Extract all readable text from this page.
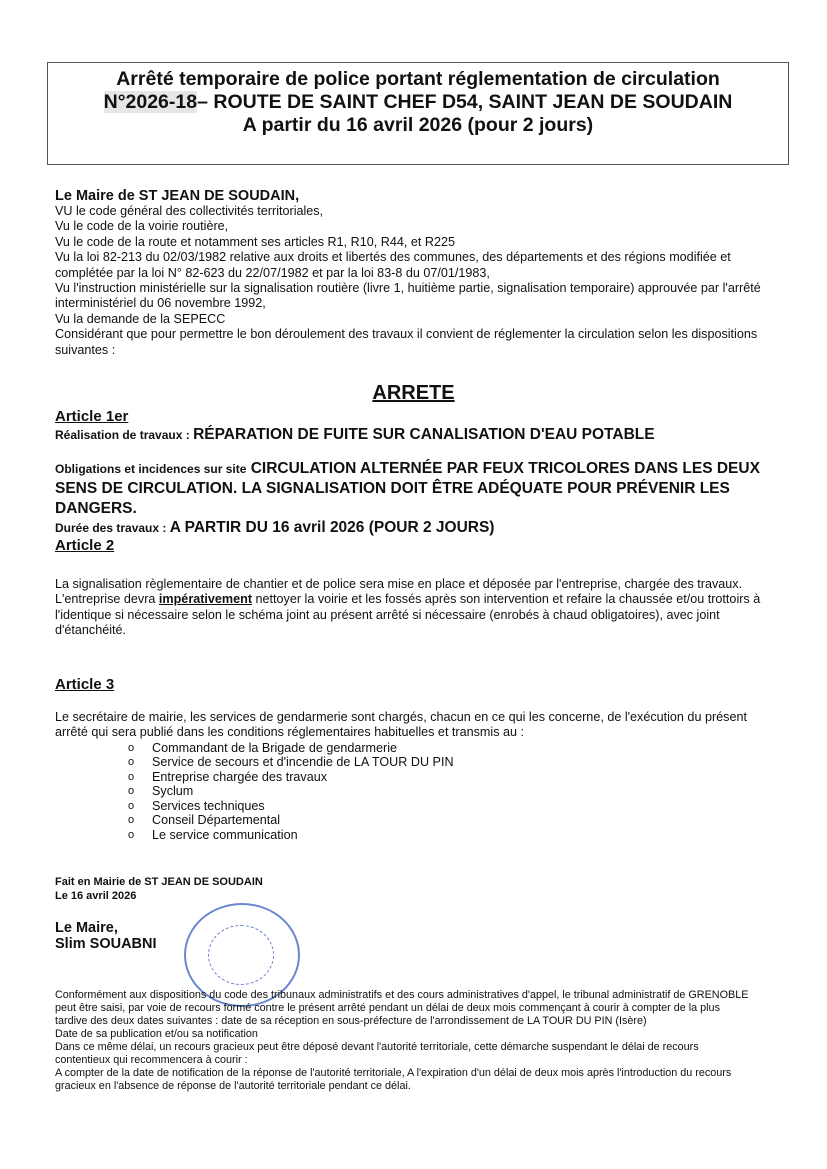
Arrêté temporaire de police portant réglementation de circulation
N°2026-18– ROUTE DE SAINT CHEF D54, SAINT JEAN DE SOUDAIN
A partir du 16 avril 2026 (pour 2 jours)
Le Maire de ST JEAN DE SOUDAIN,
VU le code général des collectivités territoriales,
Vu le code de la voirie routière,
Vu le code de la route et notamment ses articles R1, R10, R44, et R225
Vu la loi 82-213 du 02/03/1982 relative aux droits et libertés des communes, des départements et des régions modifiée et complétée par la loi N° 82-623 du 22/07/1982 et par la loi 83-8 du 07/01/1983,
Vu l'instruction ministérielle sur la signalisation routière (livre 1, huitième partie, signalisation temporaire) approuvée par l'arrêté interministériel du 06 novembre 1992,
Vu la demande de la SEPECC
Considérant que pour permettre le bon déroulement des travaux il convient de réglementer la circulation selon les dispositions suivantes :
ARRETE
Article 1er
Réalisation de travaux : RÉPARATION DE FUITE SUR CANALISATION D'EAU POTABLE
Obligations et incidences sur site CIRCULATION ALTERNÉE PAR FEUX TRICOLORES DANS LES DEUX SENS DE CIRCULATION. LA SIGNALISATION DOIT ÊTRE ADÉQUATE POUR PRÉVENIR LES DANGERS.
Durée des travaux : A PARTIR DU 16 avril 2026 (POUR 2 JOURS)
Article 2
La signalisation règlementaire de chantier et de police sera mise en place et déposée par l'entreprise, chargée des travaux.
L'entreprise devra impérativement nettoyer la voirie et les fossés après son intervention et refaire la chaussée et/ou trottoirs à l'identique si nécessaire selon le schéma joint au présent arrêté si nécessaire (enrobés à chaud obligatoires), avec joint d'étanchéité.
Article 3
Le secrétaire de mairie, les services de gendarmerie sont chargés, chacun en ce qui les concerne, de l'exécution du présent arrêté qui sera publié dans les conditions réglementaires habituelles et transmis au :
o Commandant de la Brigade de gendarmerie
o Service de secours et d'incendie de LA TOUR DU PIN
o Entreprise chargée des travaux
o Syclum
o Services techniques
o Conseil Départemental
o Le service communication
Fait en Mairie de ST JEAN DE SOUDAIN
Le 16 avril 2026
Le Maire,
Slim SOUABNI
Conformément aux dispositions du code des tribunaux administratifs et des cours administratives d'appel, le tribunal administratif de GRENOBLE peut être saisi, par voie de recours formé contre le présent arrêté pendant un délai de deux mois commençant à courir à compter de la plus tardive des deux dates suivantes : date de sa réception en sous-préfecture de l'arrondissement de LA TOUR DU PIN (Isère)
Date de sa publication et/ou sa notification
Dans ce même délai, un recours gracieux peut être déposé devant l'autorité territoriale, cette démarche suspendant le délai de recours contentieux qui recommencera à courir :
A compter de la date de notification de la réponse de l'autorité territoriale, A l'expiration d'un délai de deux mois après l'introduction du recours gracieux en l'absence de réponse de l'autorité territoriale pendant ce délai.
